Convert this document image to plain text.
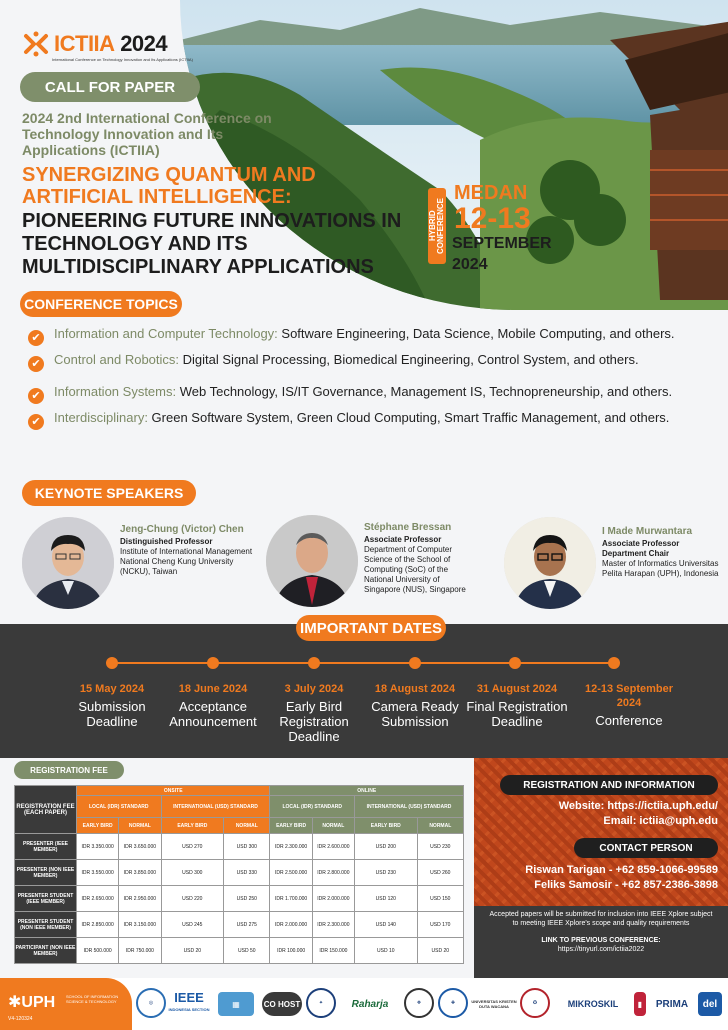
ICTIIA 2024
International Conference on Technology Innovation and Its Applications (ICTIIA)
CALL FOR PAPER
2024 2nd International Conference on Technology Innovation and Its Applications (ICTIIA)
SYNERGIZING QUANTUM AND ARTIFICIAL INTELLIGENCE:
PIONEERING FUTURE INNOVATIONS IN TECHNOLOGY AND ITS MULTIDISCIPLINARY APPLICATIONS
HYBRID CONFERENCE
MEDAN
12-13
SEPTEMBER
2024
CONFERENCE TOPICS
✔ Information and Computer Technology: Software Engineering, Data Science, Mobile Computing, and others.
✔ Control and Robotics: Digital Signal Processing, Biomedical Engineering, Control System, and others.
✔ Information Systems: Web Technology, IS/IT Governance, Management IS, Technopreneurship, and others.
✔ Interdisciplinary: Green Software System, Green Cloud Computing, Smart Traffic Management, and others.
KEYNOTE SPEAKERS
Jeng-Chung (Victor) Chen
Distinguished Professor
Institute of International Management National Cheng Kung University (NCKU), Taiwan
Stéphane Bressan
Associate Professor
Department of Computer Science of the School of Computing (SoC) of the National University of Singapore (NUS), Singapore
I Made Murwantara
Associate Professor
Department Chair
Master of Informatics Universitas Pelita Harapan (UPH), Indonesia
IMPORTANT DATES
15 May 2024
Submission Deadline
18 June 2024
Acceptance Announcement
3 July 2024
Early Bird Registration Deadline
18 August 2024
Camera Ready Submission
31 August 2024
Final Registration Deadline
12-13 September 2024
Conference
REGISTRATION FEE
REGISTRATION FEE (EACH PAPER)	ONSITE				ONLINE			
	LOCAL (IDR) STANDARD		INTERNATIONAL (USD) STANDARD		LOCAL (IDR) STANDARD		INTERNATIONAL (USD) STANDARD	
	EARLY BIRD	NORMAL	EARLY BIRD	NORMAL	EARLY BIRD	NORMAL	EARLY BIRD	NORMAL
PRESENTER (IEEE MEMBER)	IDR 3.350.000	IDR 3.650.000	USD 270	USD 300	IDR 2.300.000	IDR 2.600.000	USD 200	USD 230
PRESENTER (NON IEEE MEMBER)	IDR 3.550.000	IDR 3.850.000	USD 300	USD 330	IDR 2.500.000	IDR 2.800.000	USD 230	USD 260
PRESENTER STUDENT (IEEE MEMBER)	IDR 2.650.000	IDR 2.950.000	USD 220	USD 250	IDR 1.700.000	IDR 2.000.000	USD 120	USD 150
PRESENTER STUDENT (NON IEEE MEMBER)	IDR 2.850.000	IDR 3.150.000	USD 245	USD 275	IDR 2.000.000	IDR 2.300.000	USD 140	USD 170
PARTICIPANT (NON IEEE MEMBER)	IDR 500.000	IDR 750.000	USD 20	USD 50	IDR 100.000	IDR 150.000	USD 10	USD 20
REGISTRATION AND INFORMATION
Website: https://ictiia.uph.edu/
Email: ictiia@uph.edu
CONTACT PERSON
Riswan Tarigan - +62 859-1066-99589
Feliks Samosir - +62 857-2386-3898
Accepted papers will be submitted for inclusion into IEEE Xplore subject to meeting IEEE Xplore's scope and quality requirements
LINK TO PREVIOUS CONFERENCE:
https://tinyurl.com/ictiia2022
✱UPH	SCHOOL OF INFORMATION SCIENCE & TECHNOLOGY
V4-120324
◎	IEEE
INDONESIA SECTION
▦	CO HOST	✦	Raharja	❖	✚	UNIVERSITAS KRISTEN DUTA WACANA
✪	MIKROSKIL	▮	PRIMA	del
